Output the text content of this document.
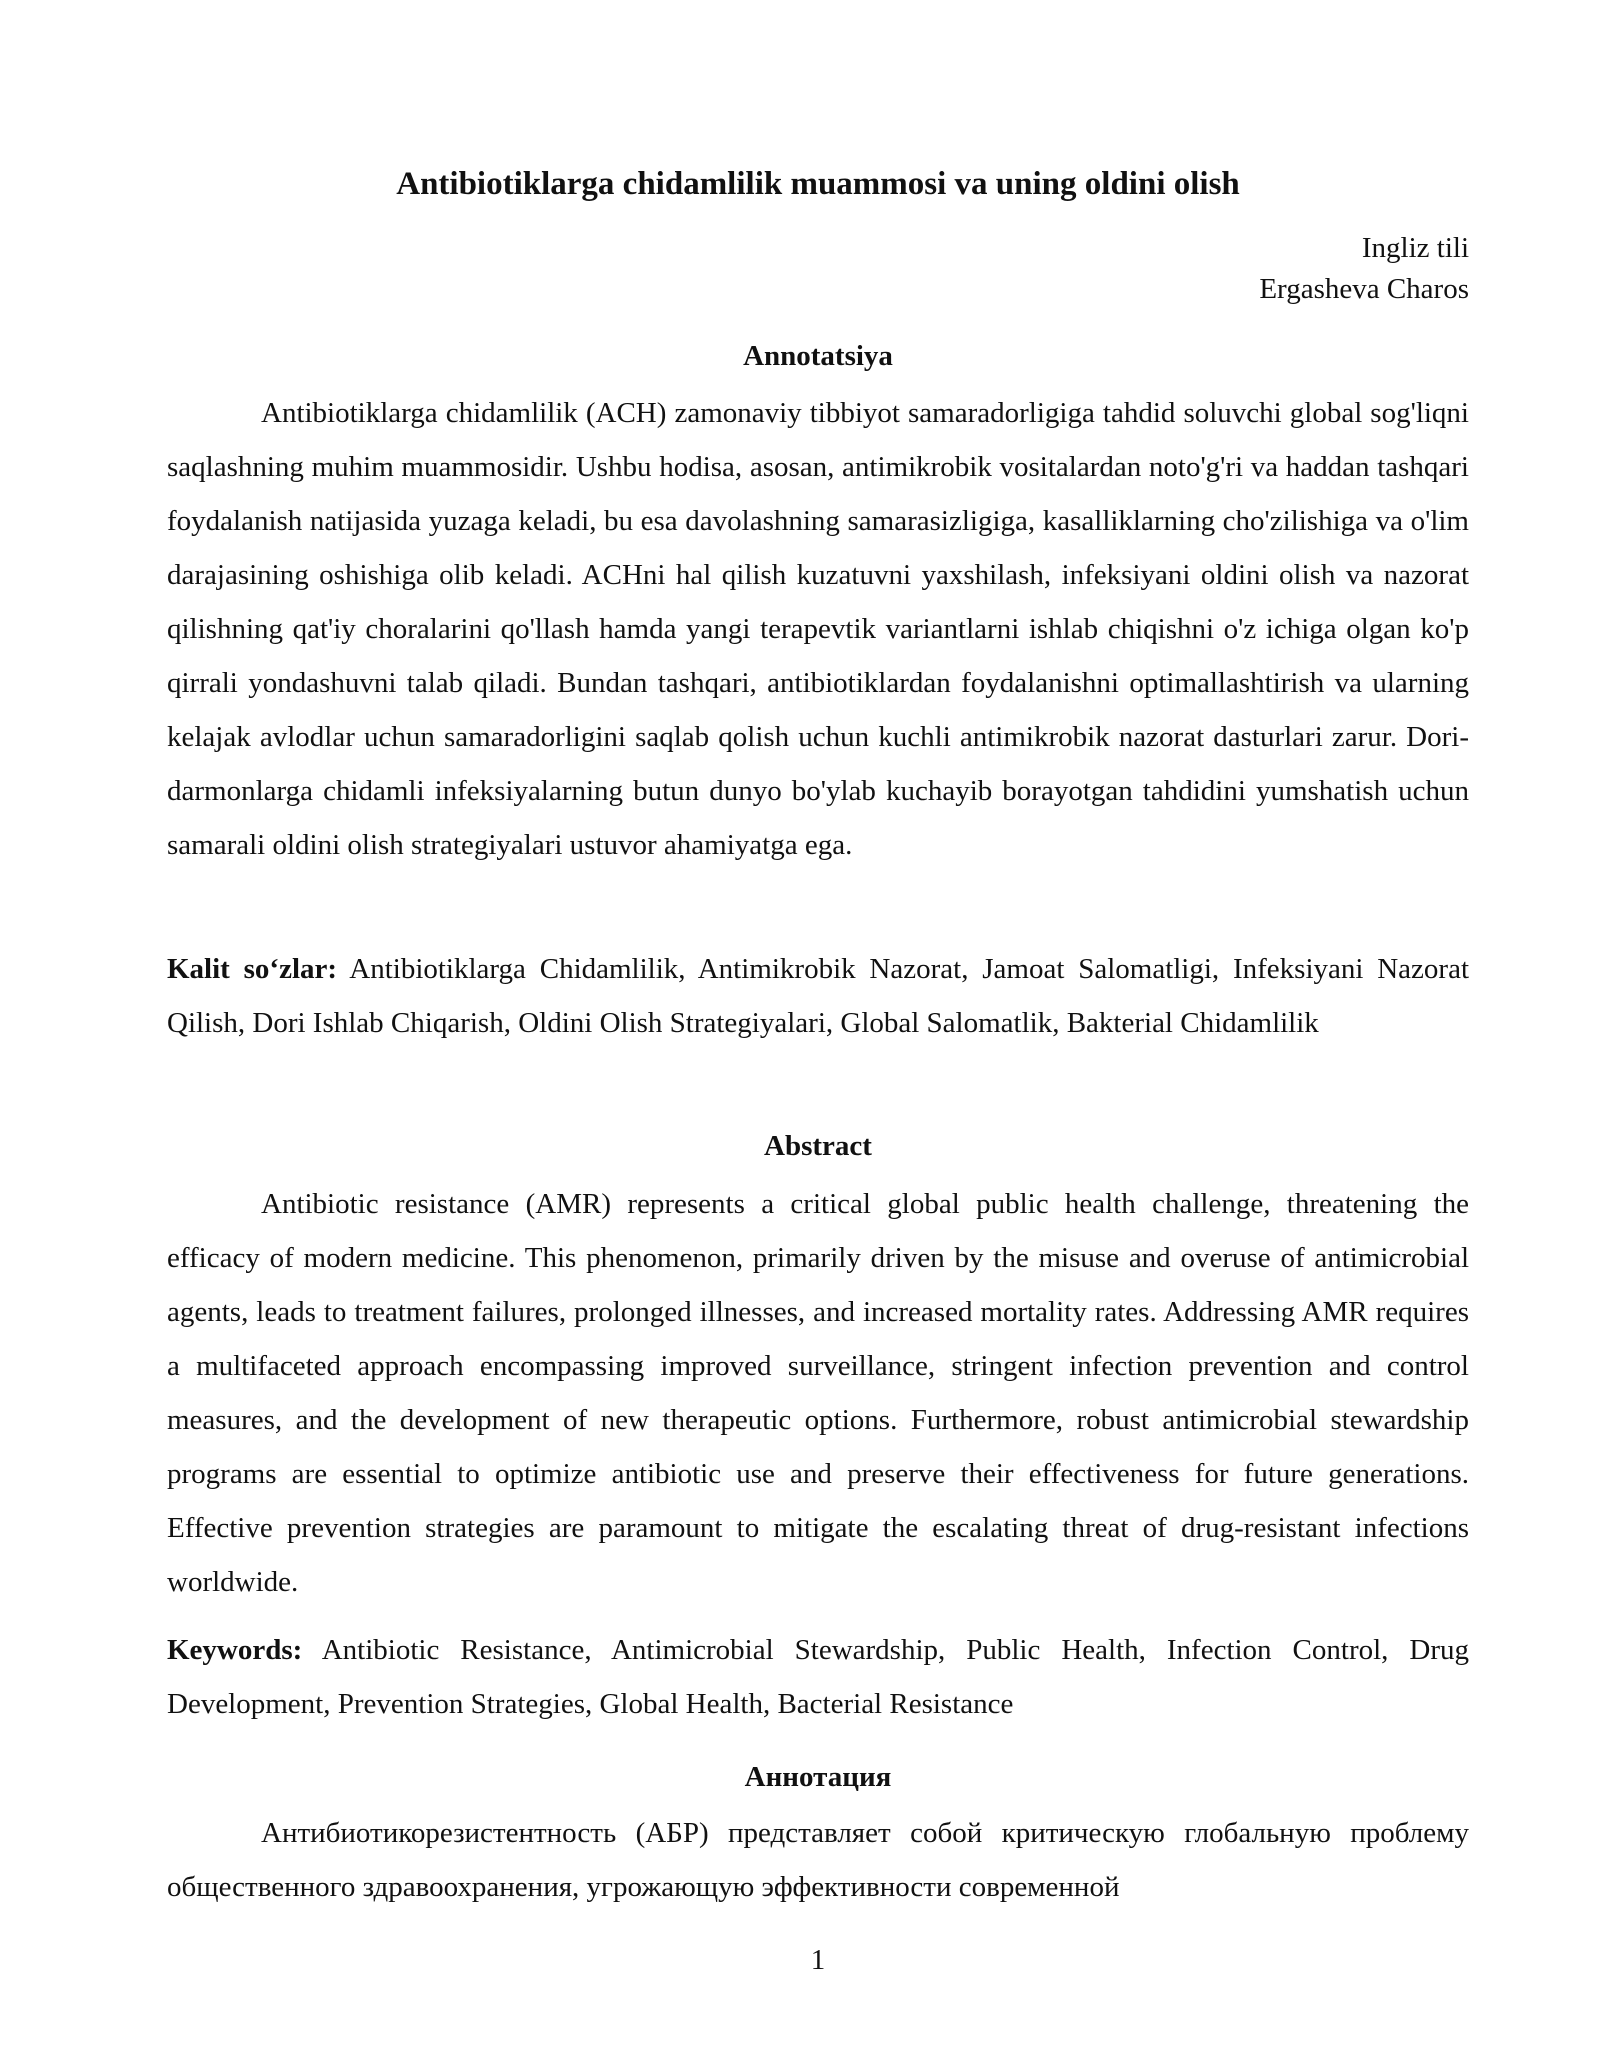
Antibiotiklarga chidamlilik muammosi va uning oldini olish
Ingliz tili
Ergasheva Charos
Annotatsiya

Antibiotiklarga chidamlilik (ACH) zamonaviy tibbiyot samaradorligiga tahdid soluvchi global sog'liqni saqlashning muhim muammosidir. Ushbu hodisa, asosan, antimikrobik vositalardan noto'g'ri va haddan tashqari foydalanish natijasida yuzaga keladi, bu esa davolashning samarasizligiga, kasalliklarning cho'zilishiga va o'lim darajasining oshishiga olib keladi. ACHni hal qilish kuzatuvni yaxshilash, infeksiyani oldini olish va nazorat qilishning qat'iy choralarini qo'llash hamda yangi terapevtik variantlarni ishlab chiqishni o'z ichiga olgan ko'p qirrali yondashuvni talab qiladi. Bundan tashqari, antibiotiklardan foydalanishni optimallashtirish va ularning kelajak avlodlar uchun samaradorligini saqlab qolish uchun kuchli antimikrobik nazorat dasturlari zarur. Dori-darmonlarga chidamli infeksiyalarning butun dunyo bo'ylab kuchayib borayotgan tahdidini yumshatish uchun samarali oldini olish strategiyalari ustuvor ahamiyatga ega.

Kalit so‘zlar: Antibiotiklarga Chidamlilik, Antimikrobik Nazorat, Jamoat Salomatligi, Infeksiyani Nazorat Qilish, Dori Ishlab Chiqarish, Oldini Olish Strategiyalari, Global Salomatlik, Bakterial Chidamlilik

Abstract

Antibiotic resistance (AMR) represents a critical global public health challenge, threatening the efficacy of modern medicine. This phenomenon, primarily driven by the misuse and overuse of antimicrobial agents, leads to treatment failures, prolonged illnesses, and increased mortality rates. Addressing AMR requires a multifaceted approach encompassing improved surveillance, stringent infection prevention and control measures, and the development of new therapeutic options. Furthermore, robust antimicrobial stewardship programs are essential to optimize antibiotic use and preserve their effectiveness for future generations. Effective prevention strategies are paramount to mitigate the escalating threat of drug-resistant infections worldwide.

Keywords: Antibiotic Resistance, Antimicrobial Stewardship, Public Health, Infection Control, Drug Development, Prevention Strategies, Global Health, Bacterial Resistance

Аннотация

Антибиотикорезистентность (АБР) представляет собой критическую глобальную проблему общественного здравоохранения, угрожающую эффективности современной

1
